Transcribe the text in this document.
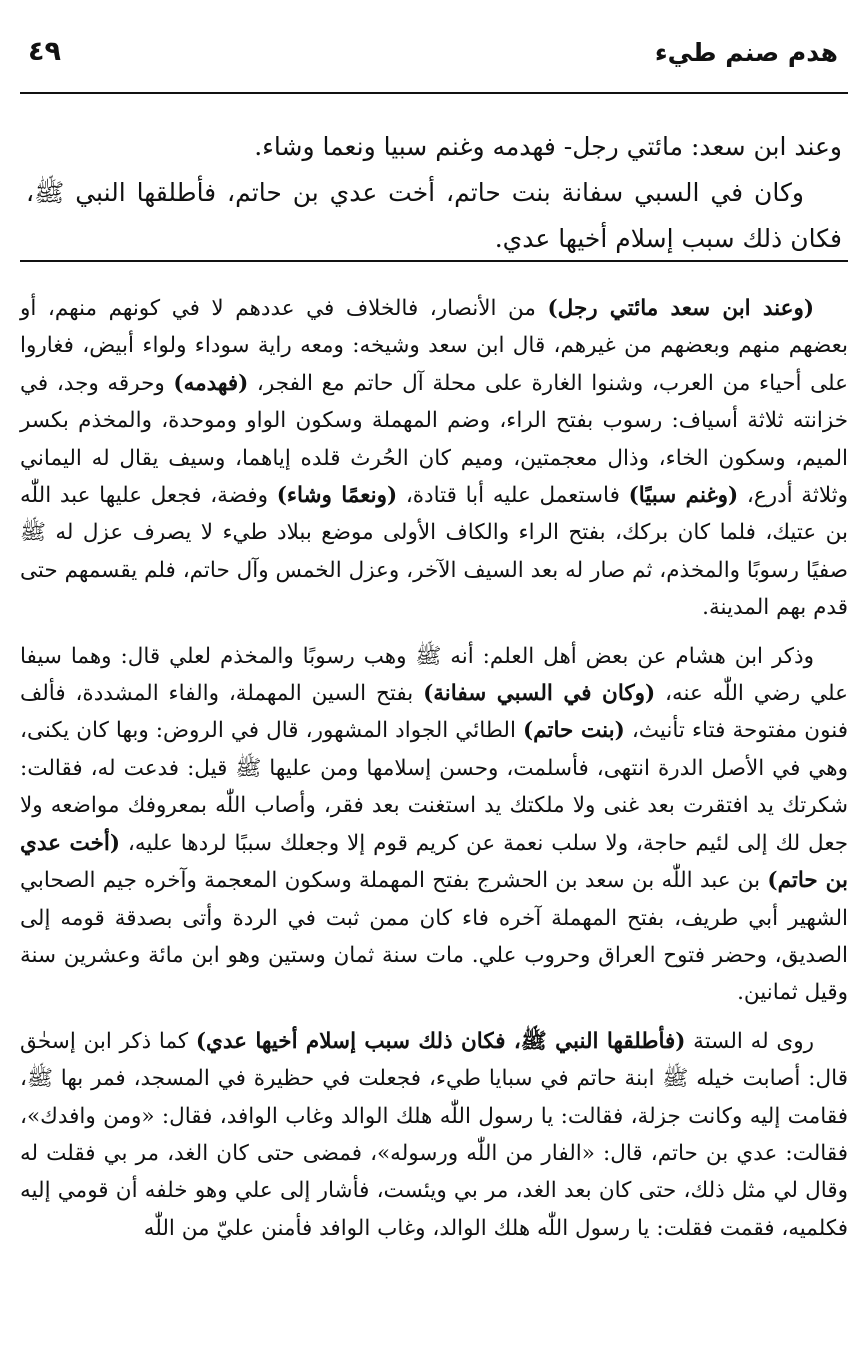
هدم صنم طيء
٤٩

وعند ابن سعد: مائتي رجل- فهدمه وغنم سبيا ونعما وشاء.

وكان في السبي سفانة بنت حاتم، أخت عدي بن حاتم، فأطلقها النبي ﷺ، فكان ذلك سبب إسلام أخيها عدي.

(وعند ابن سعد مائتي رجل) من الأنصار، فالخلاف في عددهم لا في كونهم منهم، أو بعضهم منهم وبعضهم من غيرهم، قال ابن سعد وشيخه: ومعه راية سوداء ولواء أبيض، فغاروا على أحياء من العرب، وشنوا الغارة على محلة آل حاتم مع الفجر، (فهدمه) وحرقه وجد، في خزانته ثلاثة أسياف: رسوب بفتح الراء، وضم المهملة وسكون الواو وموحدة، والمخذم بكسر الميم، وسكون الخاء، وذال معجمتين، وميم كان الحُرث قلده إياهما، وسيف يقال له اليماني وثلاثة أدرع، (وغنم سبيًا) فاستعمل عليه أبا قتادة، (ونعمًا وشاء) وفضة، فجعل عليها عبد اللّٰه بن عتيك، فلما كان بركك، بفتح الراء والكاف الأولى موضع ببلاد طيء لا يصرف عزل له ﷺ صفيًا رسوبًا والمخذم، ثم صار له بعد السيف الآخر، وعزل الخمس وآل حاتم، فلم يقسمهم حتى قدم بهم المدينة.

وذكر ابن هشام عن بعض أهل العلم: أنه ﷺ وهب رسوبًا والمخذم لعلي قال: وهما سيفا علي رضي اللّٰه عنه، (وكان في السبي سفانة) بفتح السين المهملة، والفاء المشددة، فألف فنون مفتوحة فتاء تأنيث، (بنت حاتم) الطائي الجواد المشهور، قال في الروض: وبها كان يكنى، وهي في الأصل الدرة انتهى، فأسلمت، وحسن إسلامها ومن عليها ﷺ قيل: فدعت له، فقالت: شكرتك يد افتقرت بعد غنى ولا ملكتك يد استغنت بعد فقر، وأصاب اللّٰه بمعروفك مواضعه ولا جعل لك إلى لئيم حاجة، ولا سلب نعمة عن كريم قوم إلا وجعلك سببًا لردها عليه، (أخت عدي بن حاتم) بن عبد اللّٰه بن سعد بن الحشرج بفتح المهملة وسكون المعجمة وآخره جيم الصحابي الشهير أبي طريف، بفتح المهملة آخره فاء كان ممن ثبت في الردة وأتى بصدقة قومه إلى الصديق، وحضر فتوح العراق وحروب علي. مات سنة ثمان وستين وهو ابن مائة وعشرين سنة وقيل ثمانين.

روى له الستة (فأطلقها النبي ﷺ، فكان ذلك سبب إسلام أخيها عدي) كما ذكر ابن إسحٰق قال: أصابت خيله ﷺ ابنة حاتم في سبايا طيء، فجعلت في حظيرة في المسجد، فمر بها ﷺ، فقامت إليه وكانت جزلة، فقالت: يا رسول اللّٰه هلك الوالد وغاب الوافد، فقال: «ومن وافدك»، فقالت: عدي بن حاتم، قال: «الفار من اللّٰه ورسوله»، فمضى حتى كان الغد، مر بي فقلت له وقال لي مثل ذلك، حتى كان بعد الغد، مر بي ويئست، فأشار إلى علي وهو خلفه أن قومي إليه فكلميه، فقمت فقلت: يا رسول اللّٰه هلك الوالد، وغاب الوافد فأمنن عليّ من اللّٰه
